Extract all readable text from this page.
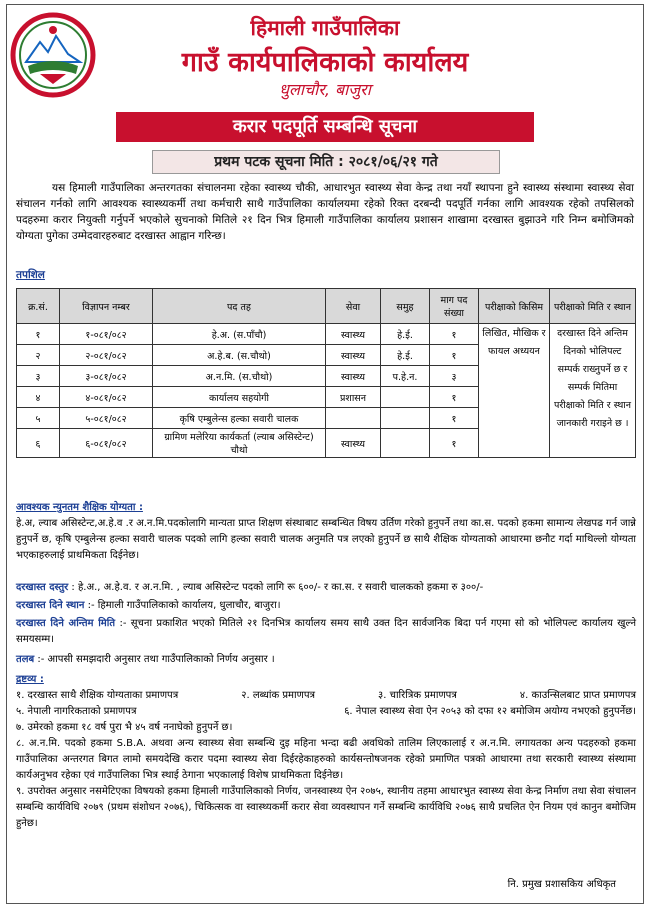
हिमाली गाउँपालिका
गाउँ कार्यपालिकाको कार्यालय
धुलाचौर, बाजुरा
करार पदपूर्ति सम्बन्धि सूचना
प्रथम पटक सूचना मिति : २०८१/०६/२१ गते
यस हिमाली गाउँपालिका अन्तरगतका संचालनमा रहेका स्वास्थ्य चौकी, आधारभुत स्वास्थ्य सेवा केन्द्र तथा नयाँ स्थापना हुने स्वास्थ्य संस्थामा स्वास्थ्य सेवा संचालन गर्नको लागि आवश्यक स्वास्थ्यकर्मी तथा कर्मचारी साथै गाउँपालिका कार्यालयमा रहेको रिक्त दरबन्दी पदपूर्ति गर्नका लागि आवश्यक रहेको तपसिलको पदहरुमा करार नियुक्ती गर्नुपर्ने भएकोले सुचनाको मितिले २१ दिन भित्र हिमाली गाउँपालिका कार्यालय प्रशासन शाखामा दरखास्त बुझाउने गरि निम्न बमोजिमको योग्यता पुगेका उम्मेदवारहरुबाट दरखास्त आह्वान गरिन्छ।
तपशिल
क्र.सं.	विज्ञापन नम्बर	पद तह	सेवा	समुह	माग पद संख्या	परीक्षाको किसिम	परीक्षाको मिति र स्थान
१	१-०८१/०८२	हे.अ. (स.पाँचौ)	स्वास्थ्य	हे.ई.	१	लिखित, मौखिक र फायल अध्ययन	दरखास्त दिने अन्तिम दिनको भोलिपल्ट सम्पर्क राख्नुपर्ने छ र सम्पर्क मितिमा परीक्षाको मिति र स्थान जानकारी गराइने छ ।
२	२-०८१/०८२	अ.हे.ब. (स.चौथो)	स्वास्थ्य	हे.ई.	१		
३	३-०८१/०८२	अ.न.मि. (स.चौथो)	स्वास्थ्य	प.हे.न.	३		
४	४-०८१/०८२	कार्यालय सहयोगी	प्रशासन		१		
५	५-०८१/०८२	कृषि एम्बुलेन्स हल्का सवारी चालक			१		
६	६-०८१/०८२	ग्रामिण मलेरिया कार्यकर्ता (ल्याब असिस्टेन्ट) चौथो	स्वास्थ्य		१		
आवश्यक न्युनतम शैक्षिक योग्यता :
हे.अ, ल्याब असिस्टेन्ट,अ.हे.व .र अ.न.मि.पदकोलागि मान्यता प्राप्त शिक्षण संस्थाबाट सम्बन्धित विषय उर्तिण गरेको हुनुपर्ने तथा का.स. पदको हकमा सामान्य लेखपढ गर्न जान्ने हुनुपर्ने छ, कृषि एम्बुलेन्स हल्का सवारी चालक पदको लागि हल्का सवारी चालक अनुमति पत्र लएको हुनुपर्ने छ साथै शैक्षिक योग्यताको आधारमा छनौट गर्दा माथिल्लो योग्यता भएकाहरुलाई प्राथमिकता दिईनेछ।
दरखास्त दस्तुर : हे.अ., अ.हे.व. र अ.न.मि. , ल्याब असिस्टेन्ट पदको लागि रू ६००/- र का.स. र सवारी चालकको हकमा रु ३००/-
दरखास्त दिने स्थान :- हिमाली गाउँपालिकाको कार्यालय, धुलाचौर, बाजुरा।
दरखास्त दिने अन्तिम मिति :- सूचना प्रकाशित भएको मितिले २१ दिनभित्र कार्यालय समय साथै उक्त दिन सार्वजनिक बिदा पर्न गएमा सो को भोलिपल्ट कार्यालय खुल्ने समयसम्म।
तलब :- आपसी समझदारी अनुसार तथा गाउँपालिकाको निर्णय अनुसार ।
द्रष्टव्य :
१. दरखास्त साथै शैक्षिक योग्यताका प्रमाणपत्र	२. लब्धांक प्रमाणपत्र	३. चारित्रिक प्रमाणपत्र	४. काउन्सिलबाट प्राप्त प्रमाणपत्र
५. नेपाली नागरिकताको प्रमाणपत्र	६. नेपाल स्वास्थ्य सेवा ऐन २०५३ को दफा १२ बमोजिम अयोग्य नभएको हुनुपर्नेछ।
७. उमेरको हकमा १८ वर्ष पुरा भै ४५ वर्ष ननाघेको हुनुपर्ने छ।
८. अ.न.मि. पदको हकमा S.B.A. अथवा अन्य स्वास्थ्य सेवा सम्बन्धि दुइ महिना भन्दा बढी अवधिको तालिम लिएकालाई र अ.न.मि. लगायतका अन्य पदहरुको हकमा गाउँपालिका अन्तरगत बिगत लामो समयदेखि करार पदमा स्वास्थ्य सेवा दिईरहेकाहरुको कार्यसन्तोषजनक रहेको प्रमाणित पत्रको आधारमा तथा सरकारी स्वास्थ्य संस्थामा कार्यअनुभव रहेका एवं गाउँपालिका भित्र स्थाई ठेगाना भएकालाई विशेष प्राथमिकता दिईनेछ।
९. उपरोक्त अनुसार नसमेटिएका विषयको हकमा हिमाली गाउँपालिकाको निर्णय, जनस्वास्थ्य ऐन २०७५, स्थानीय तहमा आधारभुत स्वास्थ्य सेवा केन्द्र निर्माण तथा सेवा संचालन सम्बन्धि कार्यविधि २०७९ (प्रथम संशोधन २०७६), चिकित्सक वा स्वास्थ्यकर्मी करार सेवा व्यवस्थापन गर्ने सम्बन्धि कार्यविधि २०७६ साथै प्रचलित ऐन नियम एवं कानुन बमोजिम हुनेछ।
नि. प्रमुख प्रशासकिय अधिकृत
